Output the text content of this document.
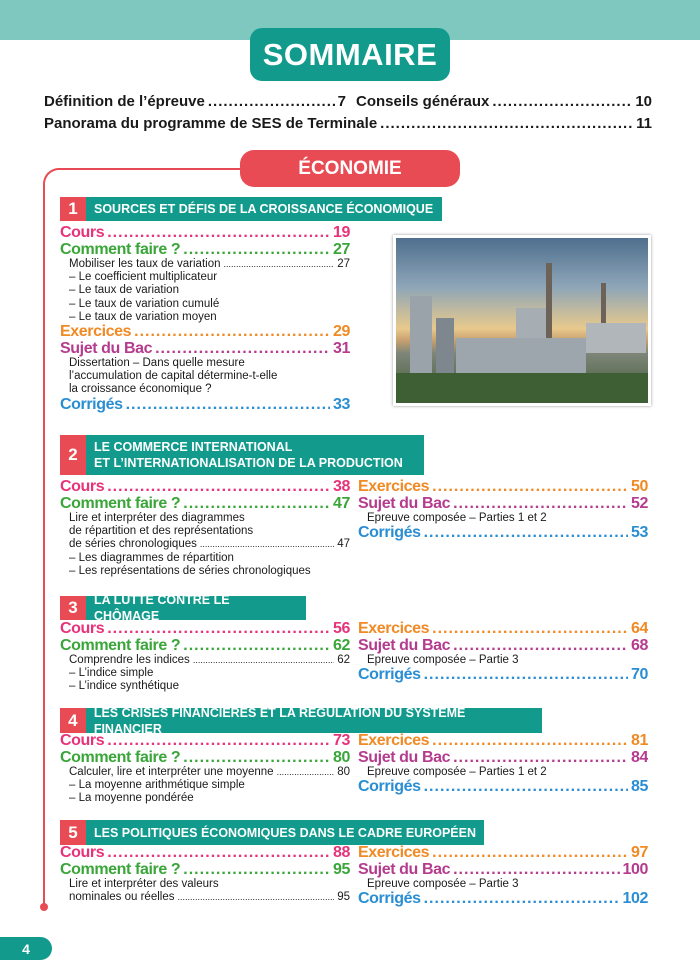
SOMMAIRE
Définition de l’épreuve .....	7 Conseils généraux .....	10
Panorama du programme de SES de Terminale .....	11
ÉCONOMIE
1	SOURCES ET DÉFIS DE LA CROISSANCE ÉCONOMIQUE
Cours .....	19
Comment faire ? .....	27
Mobiliser les taux de variation .....	27
– Le coefficient multiplicateur
– Le taux de variation
– Le taux de variation cumulé
– Le taux de variation moyen
Exercices .....	29
Sujet du Bac .....	31
Dissertation – Dans quelle mesure
l’accumulation de capital détermine-t-elle
la croissance économique ?
Corrigés .....	33
2	LE COMMERCE INTERNATIONAL
ET L’INTERNATIONALISATION DE LA PRODUCTION
Cours .....	38
Comment faire ? .....	47
Lire et interpréter des diagrammes
de répartition et des représentations
de séries chronologiques .....	47
– Les diagrammes de répartition
– Les représentations de séries chronologiques
Exercices .....	50
Sujet du Bac .....	52
Épreuve composée – Parties 1 et 2
Corrigés .....	53
3	LA LUTTE CONTRE LE CHÔMAGE
Cours .....	56
Comment faire ? .....	62
Comprendre les indices .....	62
– L’indice simple
– L’indice synthétique
Exercices .....	64
Sujet du Bac .....	68
Épreuve composée – Partie 3
Corrigés .....	70
4	LES CRISES FINANCIÈRES ET LA RÉGULATION DU SYSTÈME FINANCIER
Cours .....	73
Comment faire ? .....	80
Calculer, lire et interpréter une moyenne .....	80
– La moyenne arithmétique simple
– La moyenne pondérée
Exercices .....	81
Sujet du Bac .....	84
Épreuve composée – Parties 1 et 2
Corrigés .....	85
5	LES POLITIQUES ÉCONOMIQUES DANS LE CADRE EUROPÉEN
Cours .....	88
Comment faire ? .....	95
Lire et interpréter des valeurs
nominales ou réelles .....	95
Exercices .....	97
Sujet du Bac .....	100
Épreuve composée – Partie 3
Corrigés .....	102
4
